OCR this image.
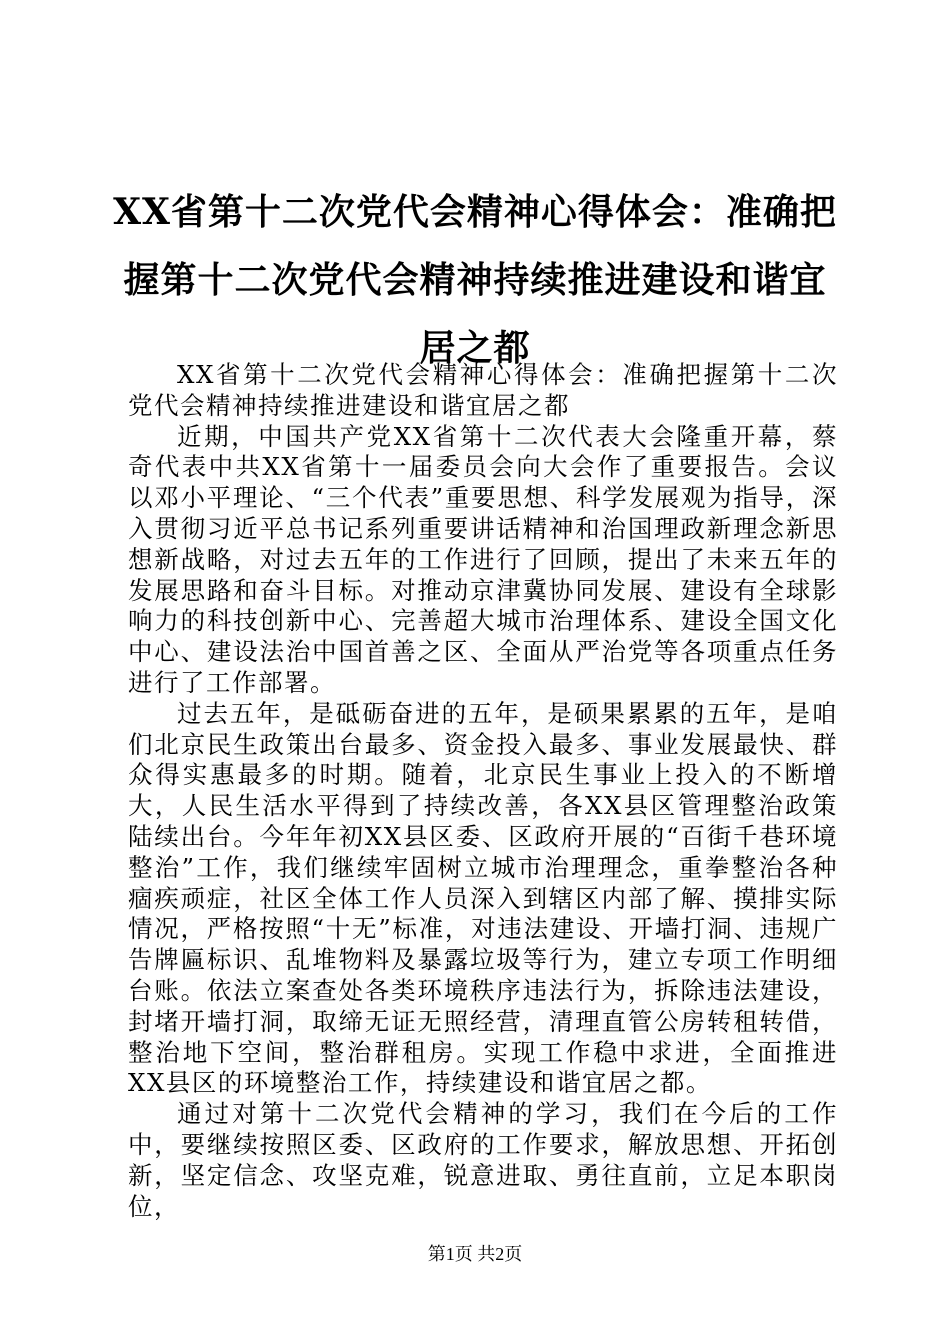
XX省第十二次党代会精神心得体会：准确把握第十二次党代会精神持续推进建设和谐宜居之都

XX省第十二次党代会精神心得体会：准确把握第十二次党代会精神持续推进建设和谐宜居之都

近期，中国共产党XX省第十二次代表大会隆重开幕，蔡奇代表中共XX省第十一届委员会向大会作了重要报告。会议以邓小平理论、“三个代表”重要思想、科学发展观为指导，深入贯彻习近平总书记系列重要讲话精神和治国理政新理念新思想新战略，对过去五年的工作进行了回顾，提出了未来五年的发展思路和奋斗目标。对推动京津冀协同发展、建设有全球影响力的科技创新中心、完善超大城市治理体系、建设全国文化中心、建设法治中国首善之区、全面从严治党等各项重点任务进行了工作部署。

过去五年，是砥砺奋进的五年，是硕果累累的五年，是咱们北京民生政策出台最多、资金投入最多、事业发展最快、群众得实惠最多的时期。随着，北京民生事业上投入的不断增大，人民生活水平得到了持续改善，各XX县区管理整治政策陆续出台。今年年初XX县区委、区政府开展的“百街千巷环境整治”工作，我们继续牢固树立城市治理理念，重拳整治各种痼疾顽症，社区全体工作人员深入到辖区内部了解、摸排实际情况，严格按照“十无”标准，对违法建设、开墙打洞、违规广告牌匾标识、乱堆物料及暴露垃圾等行为，建立专项工作明细台账。依法立案查处各类环境秩序违法行为，拆除违法建设，封堵开墙打洞，取缔无证无照经营，清理直管公房转租转借，整治地下空间，整治群租房。实现工作稳中求进，全面推进XX县区的环境整治工作，持续建设和谐宜居之都。

通过对第十二次党代会精神的学习，我们在今后的工作中，要继续按照区委、区政府的工作要求，解放思想、开拓创新，坚定信念、攻坚克难，锐意进取、勇往直前，立足本职岗位，

第1页 共2页
